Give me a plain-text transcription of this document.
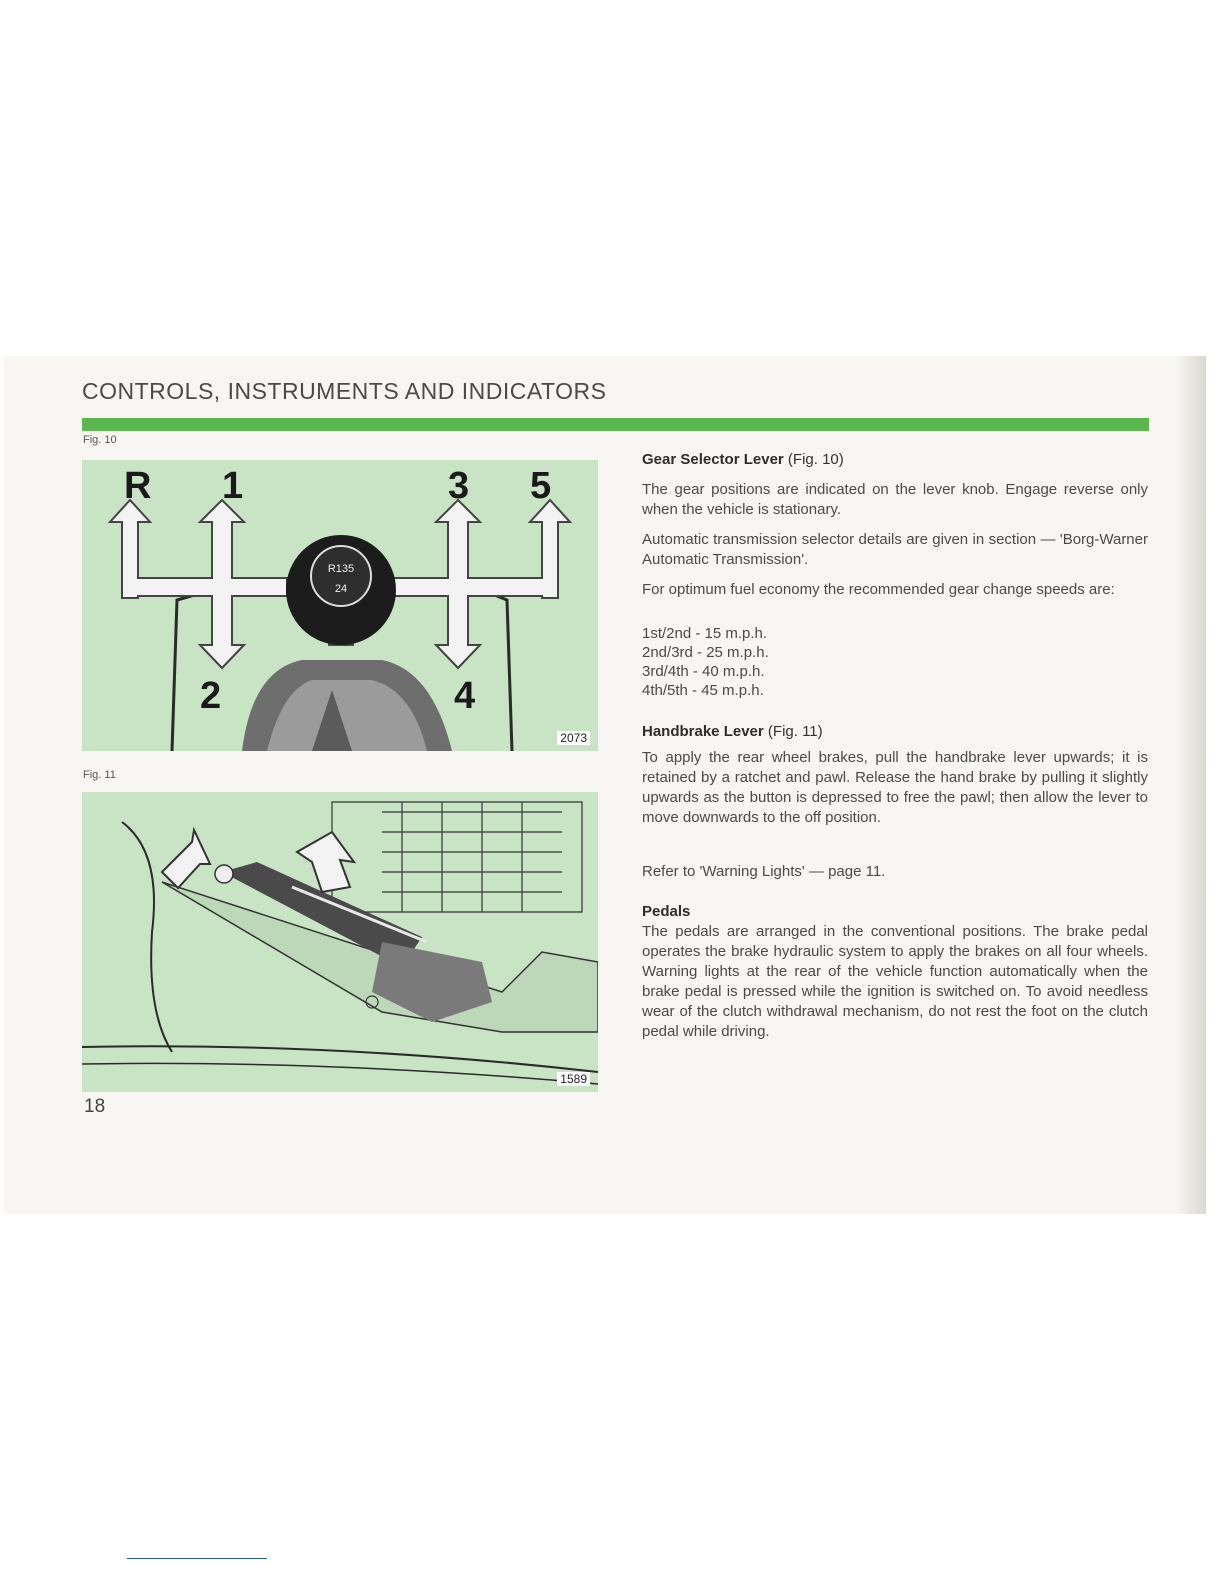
CONTROLS, INSTRUMENTS AND INDICATORS
Fig. 10
R 1	3 5
2	4
R135
24
2073
Fig. 11
1589
Gear Selector Lever (Fig. 10)

The gear positions are indicated on the lever knob. Engage reverse only when the vehicle is stationary.

Automatic transmission selector details are given in section — 'Borg-Warner Automatic Transmission'.

For optimum fuel economy the recommended gear change speeds are:

1st/2nd - 15 m.p.h.
2nd/3rd - 25 m.p.h.
3rd/4th - 40 m.p.h.
4th/5th - 45 m.p.h.
Handbrake Lever (Fig. 11)

To apply the rear wheel brakes, pull the handbrake lever upwards; it is retained by a ratchet and pawl. Release the hand brake by pulling it slightly upwards as the button is depressed to free the pawl; then allow the lever to move downwards to the off position.

Refer to 'Warning Lights' — page 11.

Pedals

The pedals are arranged in the conventional positions. The brake pedal operates the brake hydraulic system to apply the brakes on all four wheels. Warning lights at the rear of the vehicle function automatically when the brake pedal is pressed while the ignition is switched on. To avoid needless wear of the clutch withdrawal mechanism, do not rest the foot on the clutch pedal while driving.

18
